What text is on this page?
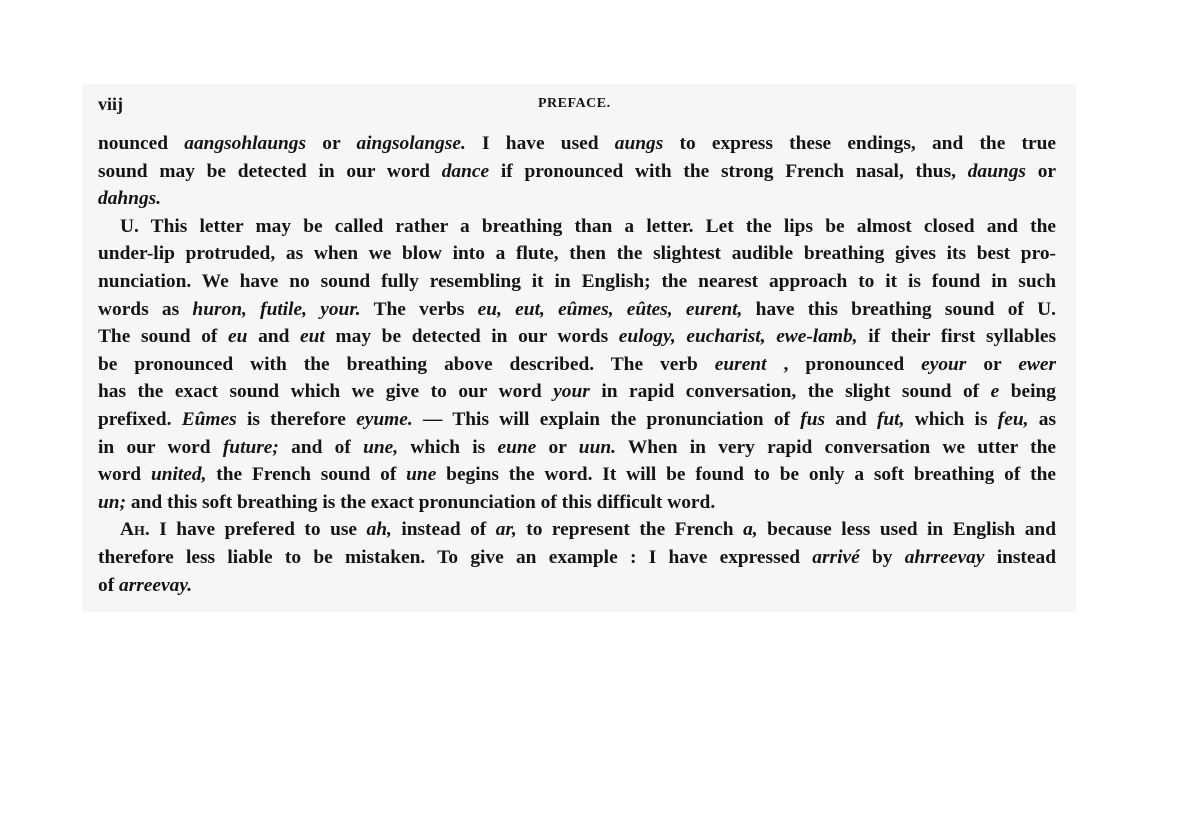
viij	PREFACE.
nounced aangsohlaungs or aingsolangse. I have used aungs to express these endings, and the true
sound may be detected in our word dance if pronounced with the strong French nasal, thus, daungs or
dahngs.
U. This letter may be called rather a breathing than a letter. Let the lips be almost closed and the
under-lip protruded, as when we blow into a flute, then the slightest audible breathing gives its best pro-
nunciation. We have no sound fully resembling it in English; the nearest approach to it is found in such
words as huron, futile, your. The verbs eu, eut, eûmes, eûtes, eurent, have this breathing sound of U.
The sound of eu and eut may be detected in our words eulogy, eucharist, ewe-lamb, if their first syllables
be pronounced with the breathing above described. The verb eurent , pronounced eyour or ewer
has the exact sound which we give to our word your in rapid conversation, the slight sound of e being
prefixed. Eûmes is therefore eyume. — This will explain the pronunciation of fus and fut, which is feu, as
in our word future; and of une, which is eune or uun. When in very rapid conversation we utter the
word united, the French sound of une begins the word. It will be found to be only a soft breathing of the
un; and this soft breathing is the exact pronunciation of this difficult word.
Ah. I have prefered to use ah, instead of ar, to represent the French a, because less used in English and
therefore less liable to be mistaken. To give an example : I have expressed arrivé by ahrreevay instead
of arreevay.
